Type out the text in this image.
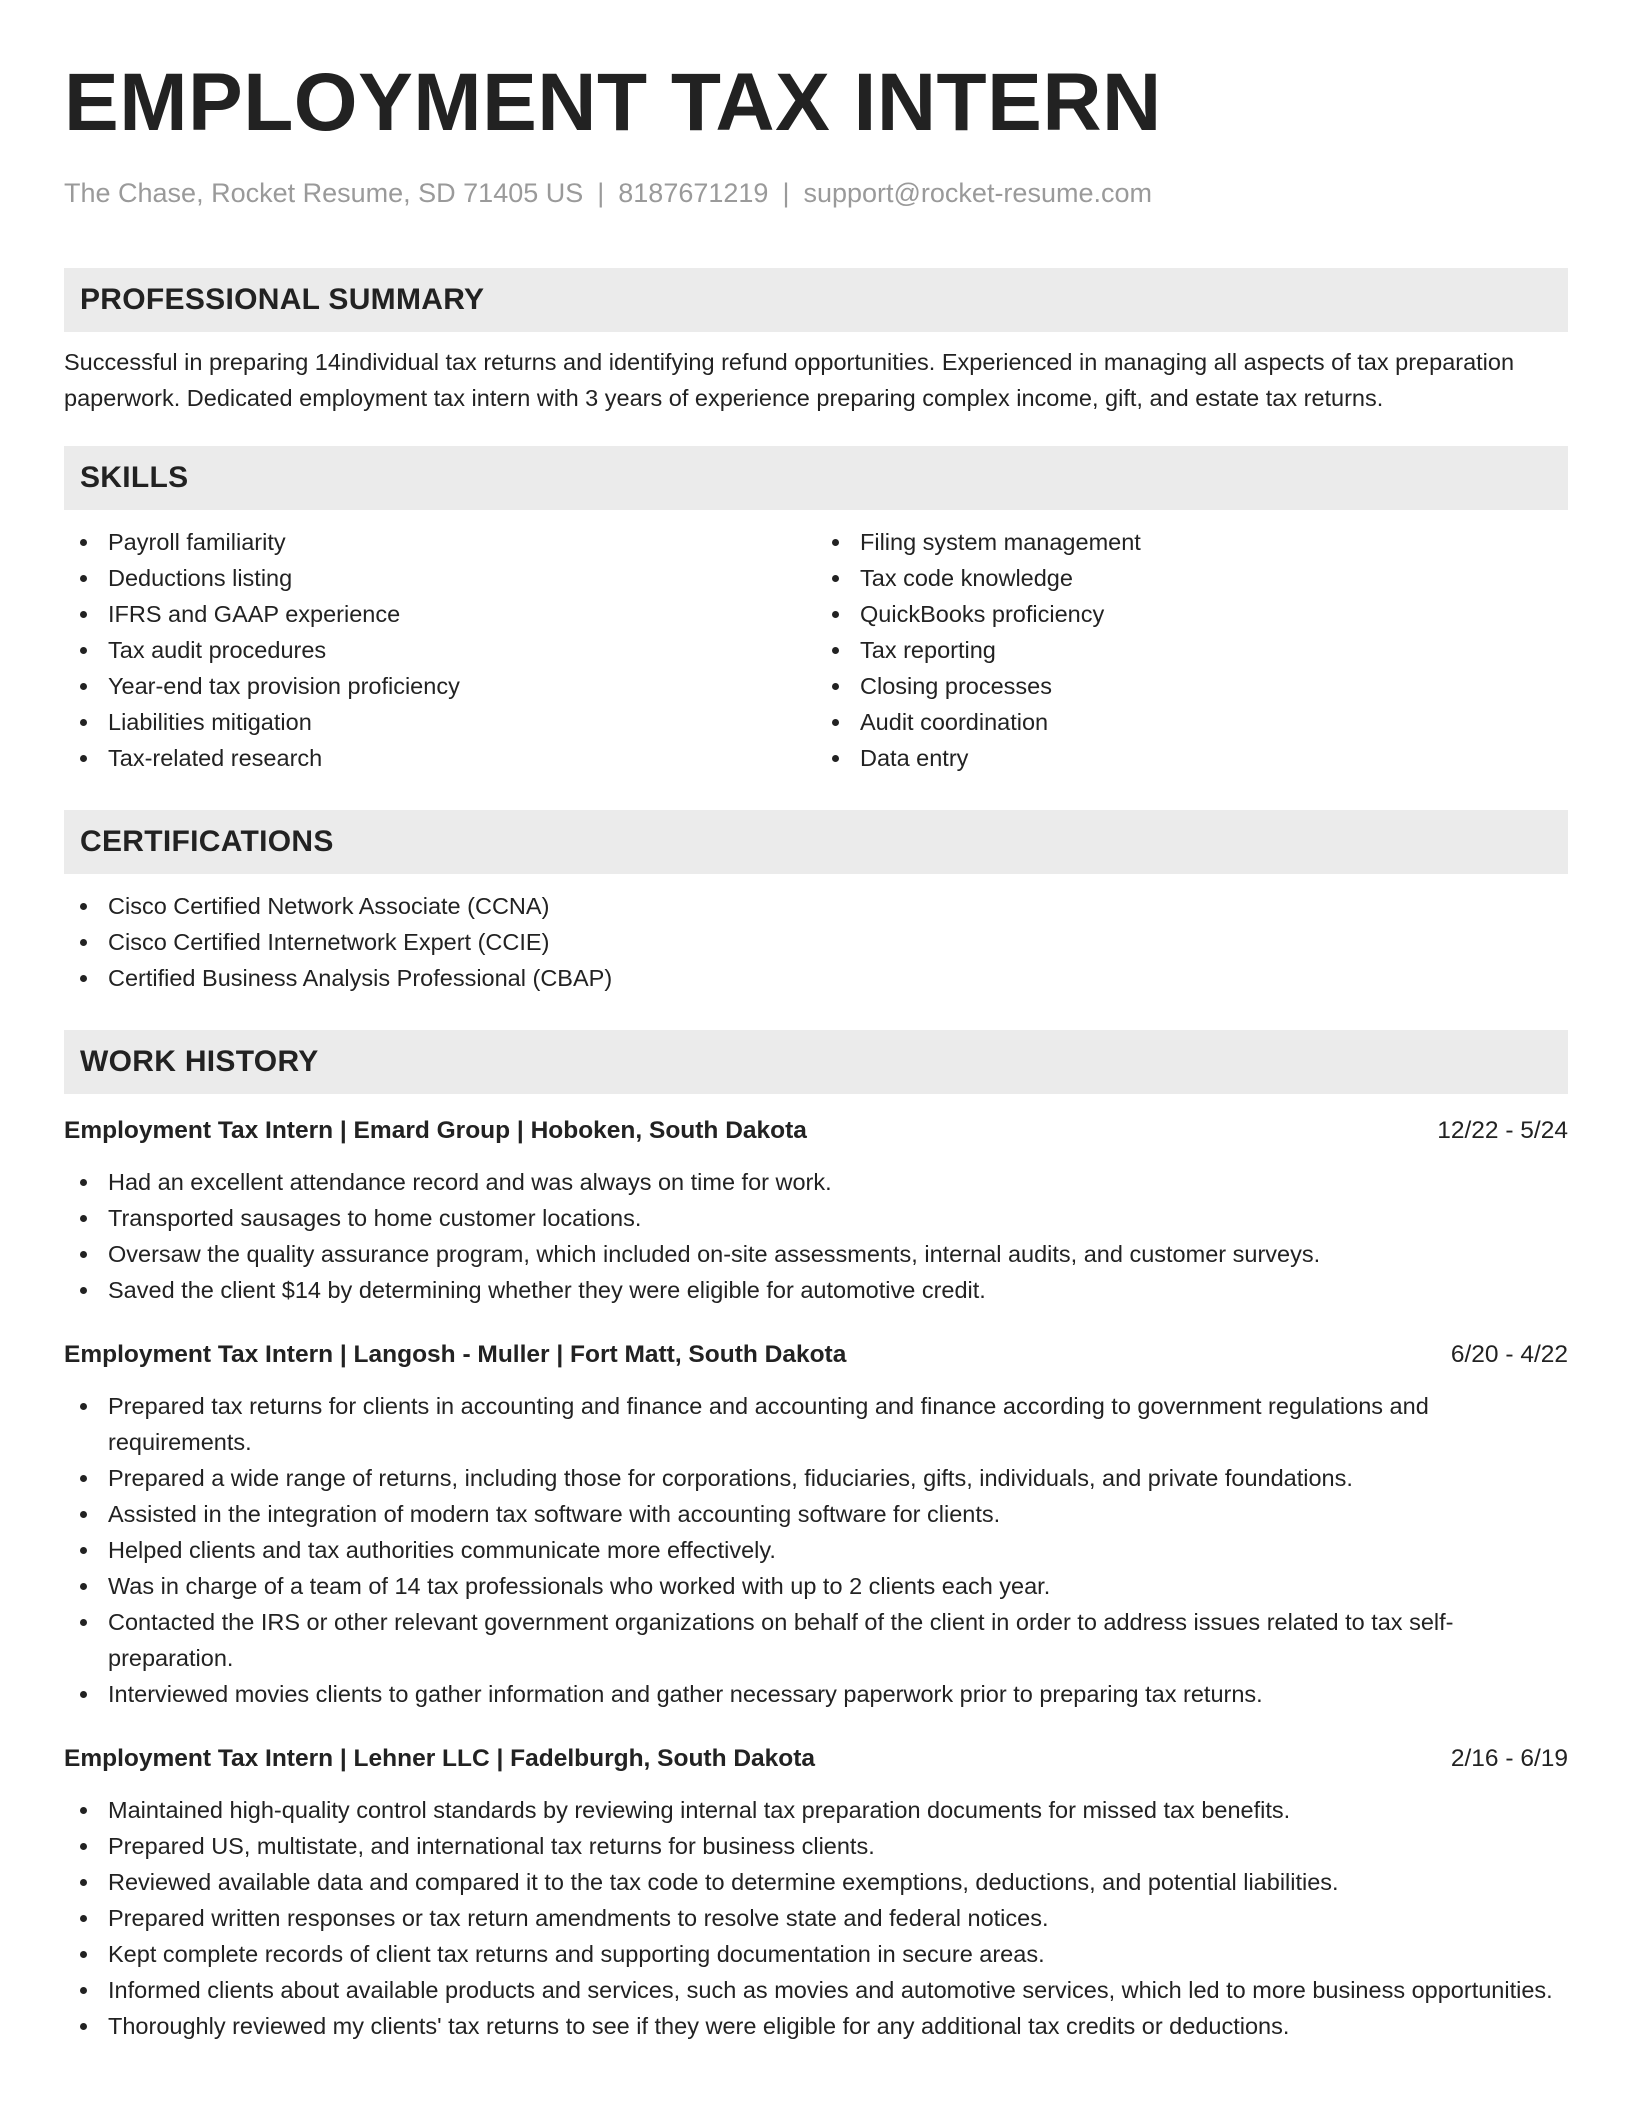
EMPLOYMENT TAX INTERN
The Chase, Rocket Resume, SD 71405 US | 8187671219 | support@rocket-resume.com
PROFESSIONAL SUMMARY
Successful in preparing 14individual tax returns and identifying refund opportunities. Experienced in managing all aspects of tax preparation paperwork. Dedicated employment tax intern with 3 years of experience preparing complex income, gift, and estate tax returns.
SKILLS
Payroll familiarity
Deductions listing
IFRS and GAAP experience
Tax audit procedures
Year-end tax provision proficiency
Liabilities mitigation
Tax-related research
Filing system management
Tax code knowledge
QuickBooks proficiency
Tax reporting
Closing processes
Audit coordination
Data entry
CERTIFICATIONS
Cisco Certified Network Associate (CCNA)
Cisco Certified Internetwork Expert (CCIE)
Certified Business Analysis Professional (CBAP)
WORK HISTORY
Employment Tax Intern | Emard Group | Hoboken, South Dakota	12/22 - 5/24
Had an excellent attendance record and was always on time for work.
Transported sausages to home customer locations.
Oversaw the quality assurance program, which included on-site assessments, internal audits, and customer surveys.
Saved the client $14 by determining whether they were eligible for automotive credit.
Employment Tax Intern | Langosh - Muller | Fort Matt, South Dakota	6/20 - 4/22
Prepared tax returns for clients in accounting and finance and accounting and finance according to government regulations and requirements.
Prepared a wide range of returns, including those for corporations, fiduciaries, gifts, individuals, and private foundations.
Assisted in the integration of modern tax software with accounting software for clients.
Helped clients and tax authorities communicate more effectively.
Was in charge of a team of 14 tax professionals who worked with up to 2 clients each year.
Contacted the IRS or other relevant government organizations on behalf of the client in order to address issues related to tax self-preparation.
Interviewed movies clients to gather information and gather necessary paperwork prior to preparing tax returns.
Employment Tax Intern | Lehner LLC | Fadelburgh, South Dakota	2/16 - 6/19
Maintained high-quality control standards by reviewing internal tax preparation documents for missed tax benefits.
Prepared US, multistate, and international tax returns for business clients.
Reviewed available data and compared it to the tax code to determine exemptions, deductions, and potential liabilities.
Prepared written responses or tax return amendments to resolve state and federal notices.
Kept complete records of client tax returns and supporting documentation in secure areas.
Informed clients about available products and services, such as movies and automotive services, which led to more business opportunities.
Thoroughly reviewed my clients' tax returns to see if they were eligible for any additional tax credits or deductions.
